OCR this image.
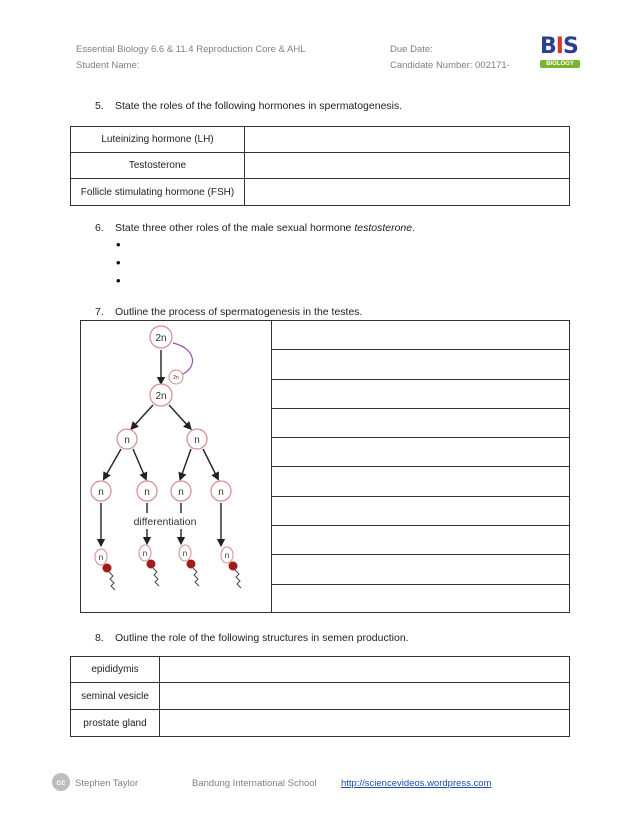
Essential Biology 6.6 & 11.4 Reproduction Core & AHL
Student Name:
Due Date:
Candidate Number: 002171-
BIS
BIOLOGY
5. State the roles of the following hormones in spermatogenesis.
Luteinizing hormone (LH)	
Testosterone	
Follicle stimulating hormone (FSH)	
6. State three other roles of the male sexual hormone testosterone.
•
•
•
7. Outline the process of spermatogenesis in the testes.
2n
2n
2n
n	n
n	n	n	n
differentiation
n	n	n	n
8. Outline the role of the following structures in semen production.
epididymis	
seminal vesicle	
prostate gland	
cc Stephen Taylor	Bandung International School	http://sciencevideos.wordpress.com
